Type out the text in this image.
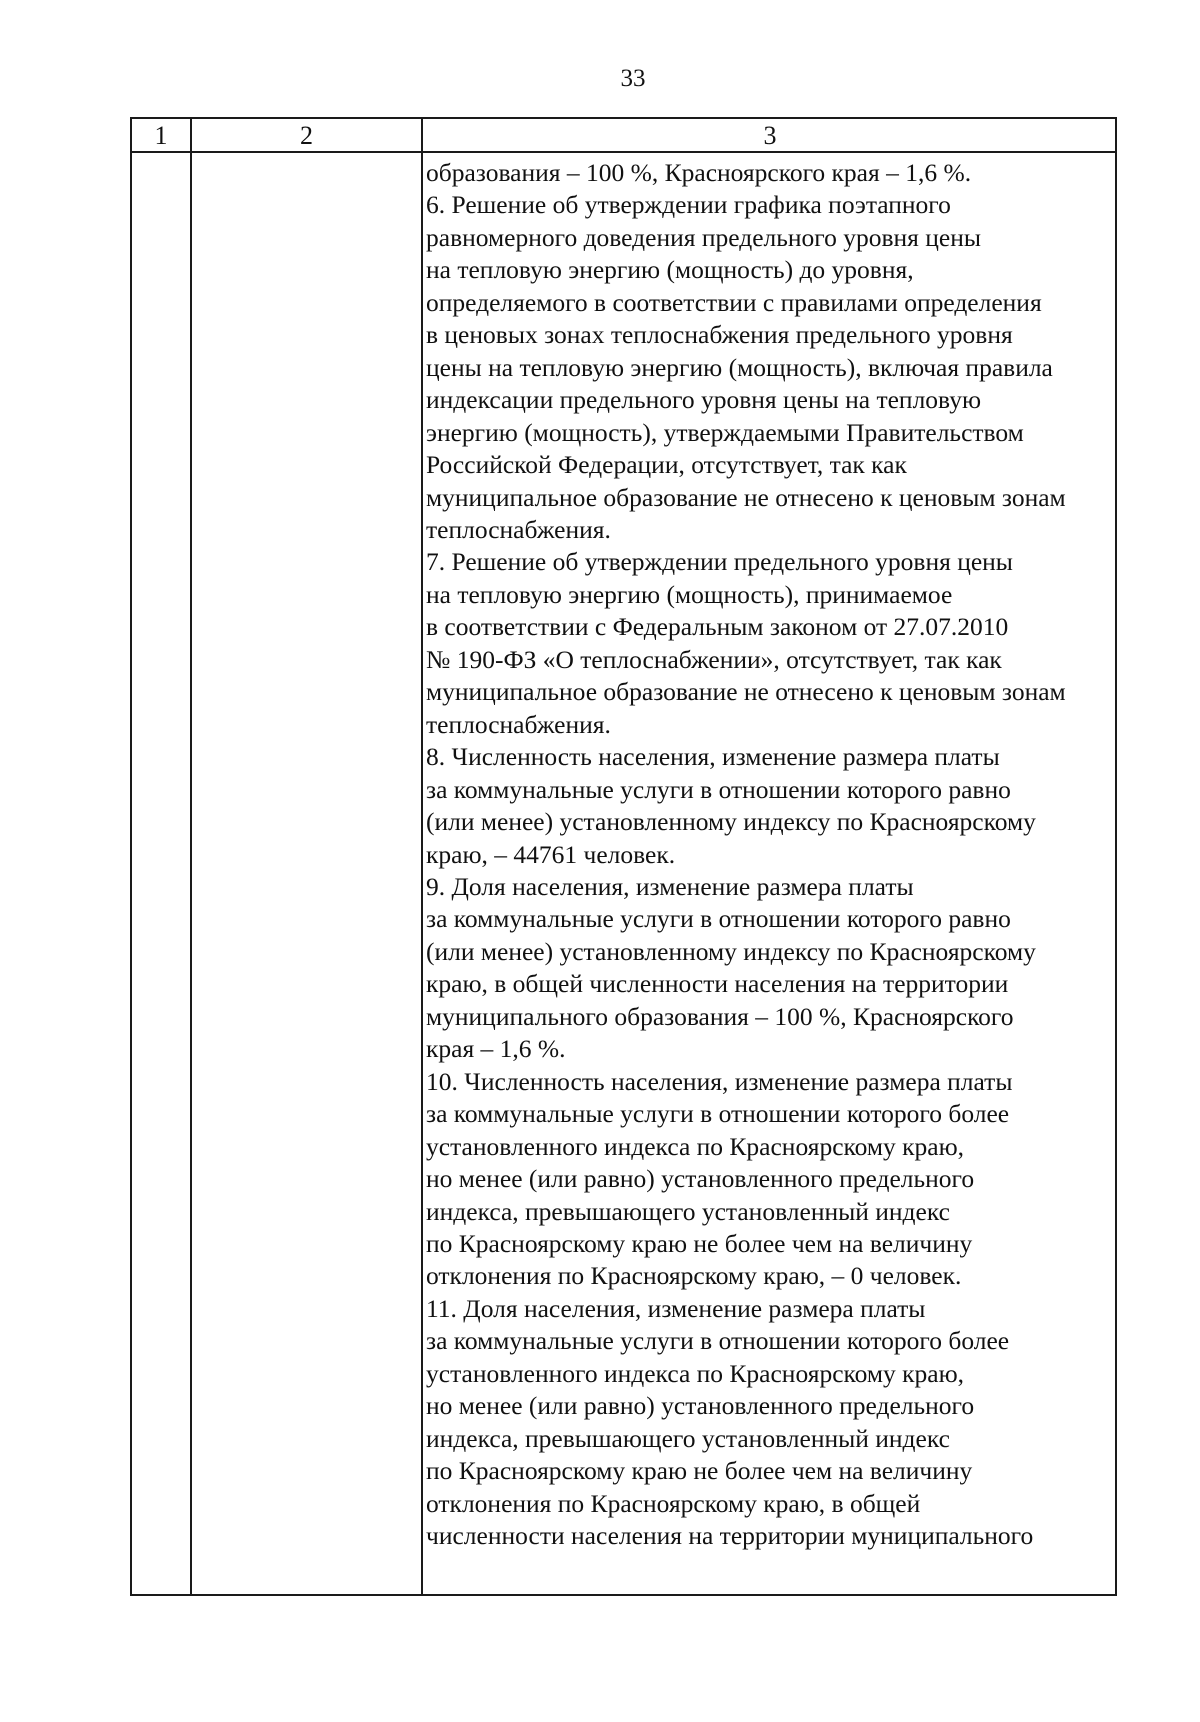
33
1	2	3
образования – 100 %, Красноярского края – 1,6 %.
6. Решение об утверждении графика поэтапного
равномерного доведения предельного уровня цены
на тепловую энергию (мощность) до уровня,
определяемого в соответствии с правилами определения
в ценовых зонах теплоснабжения предельного уровня
цены на тепловую энергию (мощность), включая правила
индексации предельного уровня цены на тепловую
энергию (мощность), утверждаемыми Правительством
Российской Федерации, отсутствует, так как
муниципальное образование не отнесено к ценовым зонам
теплоснабжения.
7. Решение об утверждении предельного уровня цены
на тепловую энергию (мощность), принимаемое
в соответствии с Федеральным законом от 27.07.2010
№ 190-ФЗ «О теплоснабжении», отсутствует, так как
муниципальное образование не отнесено к ценовым зонам
теплоснабжения.
8. Численность населения, изменение размера платы
за коммунальные услуги в отношении которого равно
(или менее) установленному индексу по Красноярскому
краю, – 44761 человек.
9. Доля населения, изменение размера платы
за коммунальные услуги в отношении которого равно
(или менее) установленному индексу по Красноярскому
краю, в общей численности населения на территории
муниципального образования – 100 %, Красноярского
края – 1,6 %.
10. Численность населения, изменение размера платы
за коммунальные услуги в отношении которого более
установленного индекса по Красноярскому краю,
но менее (или равно) установленного предельного
индекса, превышающего установленный индекс
по Красноярскому краю не более чем на величину
отклонения по Красноярскому краю, – 0 человек.
11. Доля населения, изменение размера платы
за коммунальные услуги в отношении которого более
установленного индекса по Красноярскому краю,
но менее (или равно) установленного предельного
индекса, превышающего установленный индекс
по Красноярскому краю не более чем на величину
отклонения по Красноярскому краю, в общей
численности населения на территории муниципального
